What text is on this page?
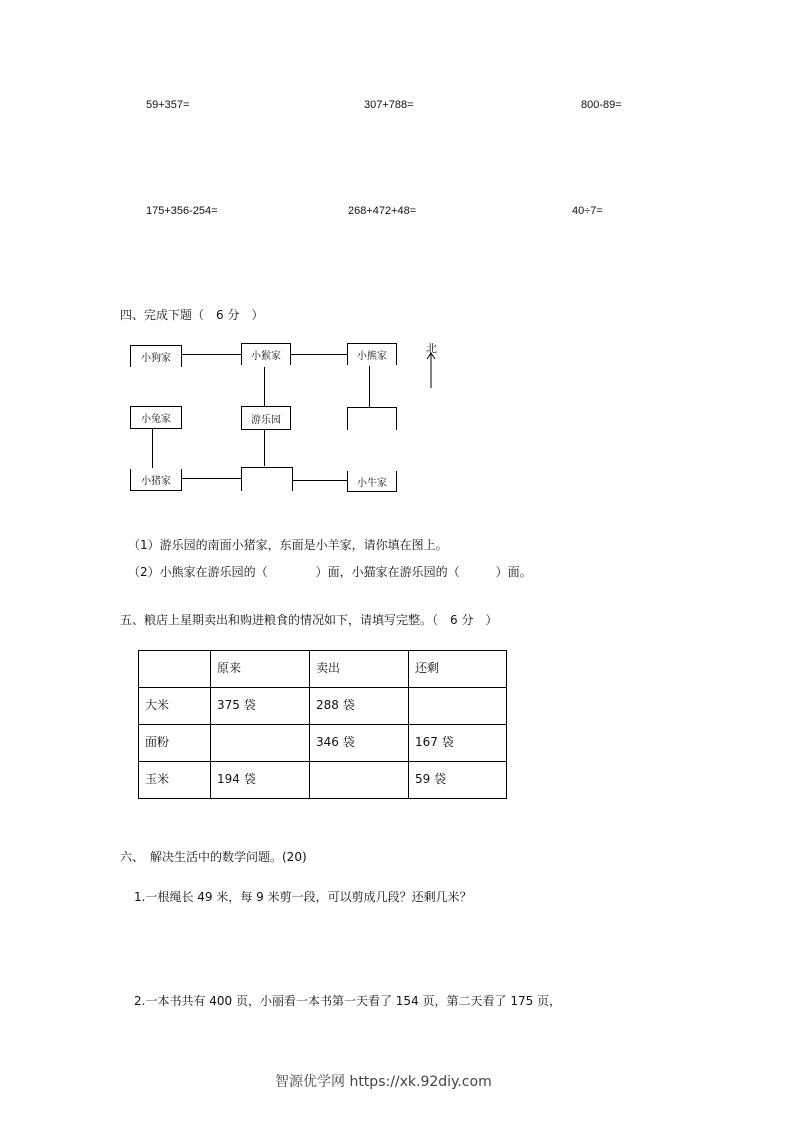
59+357=	307+788=	800-89=
175+356-254=	268+472+48=	40÷7=
四、完成下题（　6 分　）
小狗家	小猴家	小熊家
小兔家	游乐园
小猪家	小牛家
北
（1）游乐园的南面小猪家，东面是小羊家，请你填在图上。
（2）小熊家在游乐园的（　　　　）面，小猫家在游乐园的（　　　）面。
五、粮店上星期卖出和购进粮食的情况如下，请填写完整。（　6 分　）
	原来	卖出	还剩
大米	375 袋	288 袋	
面粉		346 袋	167 袋
玉米	194 袋		59 袋
六、　解决生活中的数学问题。(20)
1.一根绳长 49 米，每 9 米剪一段，可以剪成几段？还剩几米？
2.一本书共有 400 页，小丽看一本书第一天看了 154 页，第二天看了 175 页，
智源优学网 https://xk.92diy.com
